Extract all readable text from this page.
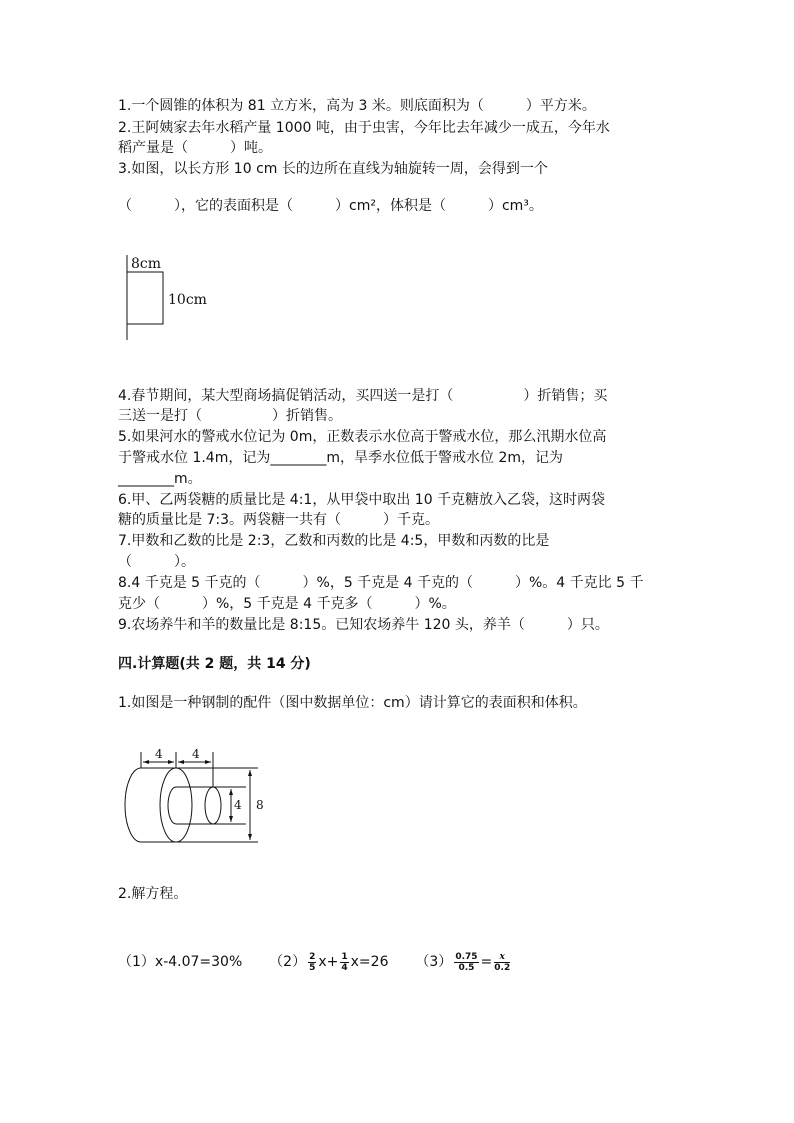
1.一个圆锥的体积为 81 立方米，高为 3 米。则底面积为（　　　）平方米。
2.王阿姨家去年水稻产量 1000 吨，由于虫害，今年比去年减少一成五，今年水
稻产量是（　　　）吨。
3.如图，以长方形 10 cm 长的边所在直线为轴旋转一周，会得到一个
（　　　），它的表面积是（　　　）cm²，体积是（　　　）cm³。
8cm
10cm
4.春节期间，某大型商场搞促销活动，买四送一是打（　　　　　）折销售；买
三送一是打（　　　　　）折销售。
5.如果河水的警戒水位记为 0m，正数表示水位高于警戒水位，那么汛期水位高
于警戒水位 1.4m，记为________m，旱季水位低于警戒水位 2m，记为
________m。
6.甲、乙两袋糖的质量比是 4:1，从甲袋中取出 10 千克糖放入乙袋，这时两袋
糖的质量比是 7:3。两袋糖一共有（　　　）千克。
7.甲数和乙数的比是 2:3，乙数和丙数的比是 4:5，甲数和丙数的比是
（　　　）。
8.4 千克是 5 千克的（　　　）%，5 千克是 4 千克的（　　　）%。4 千克比 5 千
克少（　　　）%，5 千克是 4 千克多（　　　）%。
9.农场养牛和羊的数量比是 8:15。已知农场养牛 120 头，养羊（　　　）只。
四.计算题(共 2 题，共 14 分)
1.如图是一种钢制的配件（图中数据单位：cm）请计算它的表面积和体积。
4 4
4 8
2.解方程。
（1）x-4.07=30% $(2) \frac{2}{5} x+ \frac{1}{4} x=26$ $(3) \frac{0.75}{0.5} = \frac{x}{0.2}$
